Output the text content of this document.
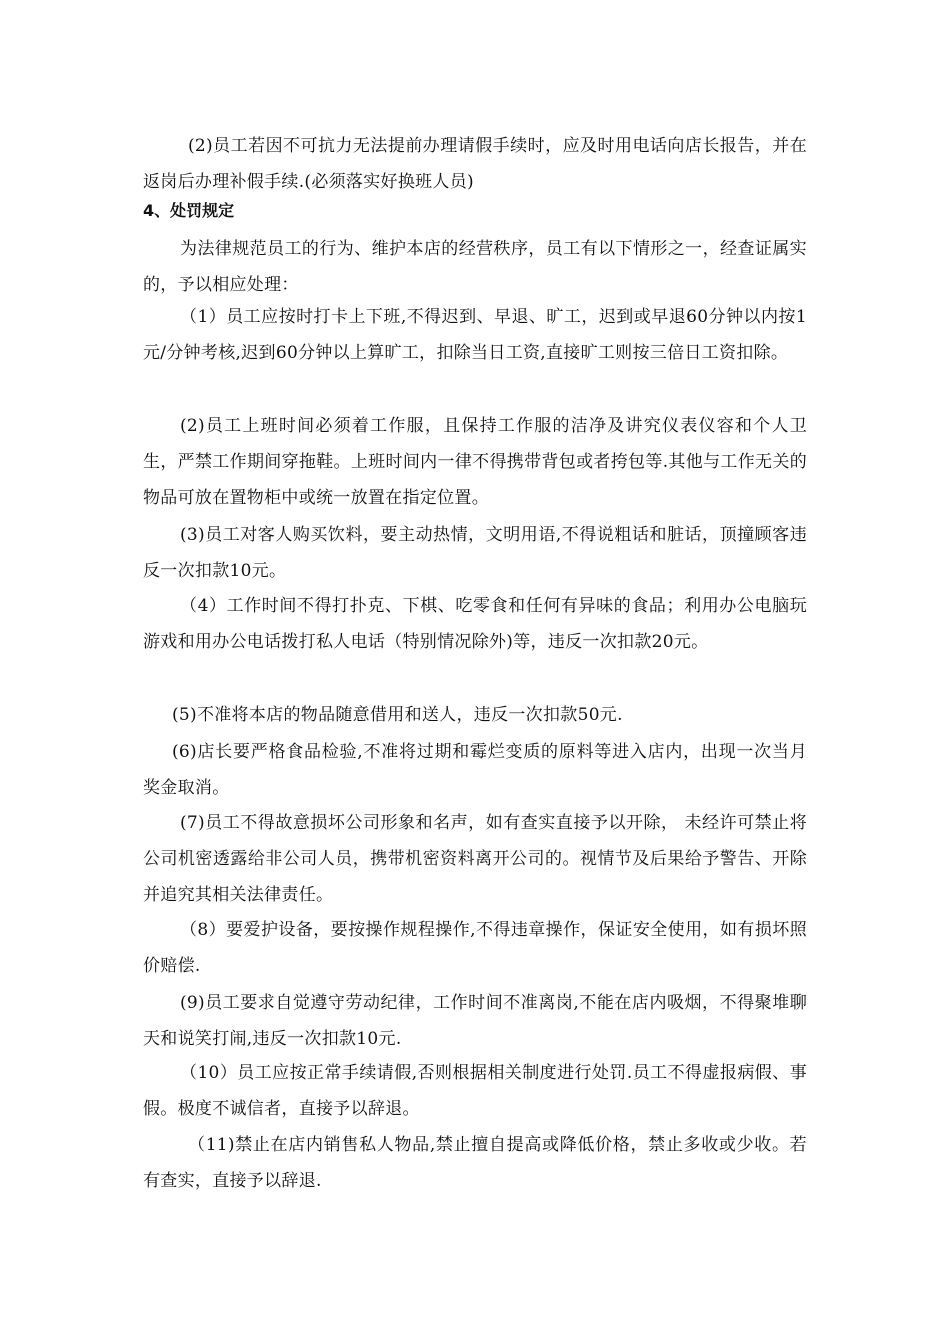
(2)员工若因不可抗力无法提前办理请假手续时，应及时用电话向店长报告，并在返岗后办理补假手续.(必须落实好换班人员)

4、处罚规定

为法律规范员工的行为、维护本店的经营秩序，员工有以下情形之一，经查证属实的，予以相应处理：

（1）员工应按时打卡上下班,不得迟到、早退、旷工，迟到或早退60分钟以内按1元/分钟考核,迟到60分钟以上算旷工，扣除当日工资,直接旷工则按三倍日工资扣除。

(2)员工上班时间必须着工作服，且保持工作服的洁净及讲究仪表仪容和个人卫生，严禁工作期间穿拖鞋。上班时间内一律不得携带背包或者挎包等.其他与工作无关的物品可放在置物柜中或统一放置在指定位置。

(3)员工对客人购买饮料，要主动热情，文明用语,不得说粗话和脏话，顶撞顾客违反一次扣款10元。

（4）工作时间不得打扑克、下棋、吃零食和任何有异味的食品；利用办公电脑玩游戏和用办公电话拨打私人电话（特别情况除外)等，违反一次扣款20元。

(5)不准将本店的物品随意借用和送人，违反一次扣款50元.

(6)店长要严格食品检验,不准将过期和霉烂变质的原料等进入店内，出现一次当月奖金取消。

(7)员工不得故意损坏公司形象和名声，如有查实直接予以开除， 未经许可禁止将公司机密透露给非公司人员，携带机密资料离开公司的。视情节及后果给予警告、开除并追究其相关法律责任。

（8）要爱护设备，要按操作规程操作,不得违章操作，保证安全使用，如有损坏照价赔偿.

(9)员工要求自觉遵守劳动纪律，工作时间不准离岗,不能在店内吸烟，不得聚堆聊天和说笑打闹,违反一次扣款10元.

（10）员工应按正常手续请假,否则根据相关制度进行处罚.员工不得虚报病假、事假。极度不诚信者，直接予以辞退。

（11)禁止在店内销售私人物品,禁止擅自提高或降低价格，禁止多收或少收。若有查实，直接予以辞退.
